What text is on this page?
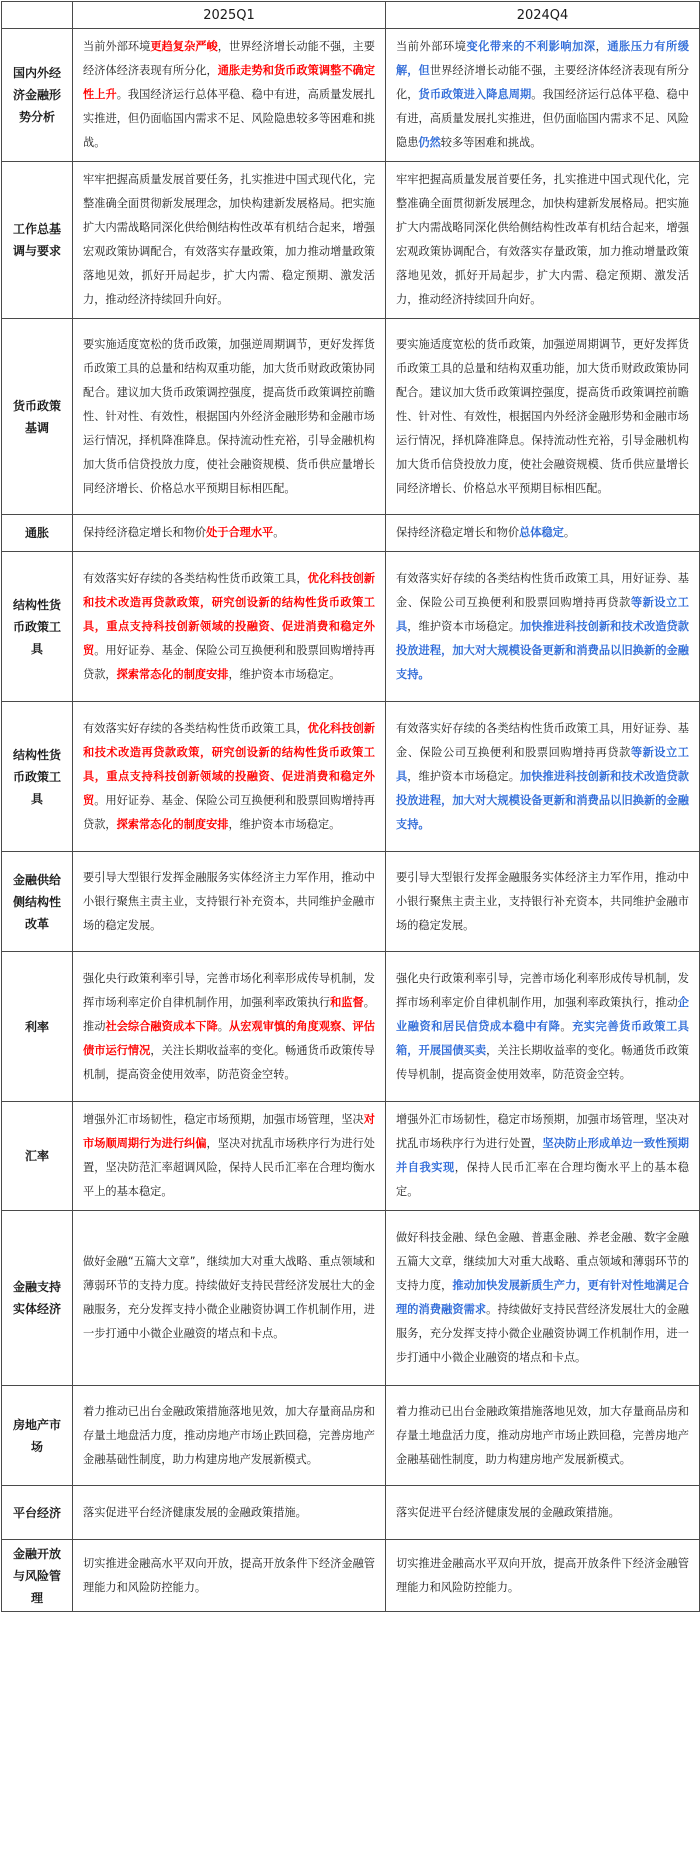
	2025Q1	2024Q4
国内外经济金融形势分析	当前外部环境更趋复杂严峻，世界经济增长动能不强，主要经济体经济表现有所分化，通胀走势和货币政策调整不确定性上升。我国经济运行总体平稳、稳中有进，高质量发展扎实推进，但仍面临国内需求不足、风险隐患较多等困难和挑战。	当前外部环境变化带来的不利影响加深，通胀压力有所缓解，但世界经济增长动能不强，主要经济体经济表现有所分化，货币政策进入降息周期。我国经济运行总体平稳、稳中有进，高质量发展扎实推进，但仍面临国内需求不足、风险隐患仍然较多等困难和挑战。
工作总基调与要求	牢牢把握高质量发展首要任务，扎实推进中国式现代化，完整准确全面贯彻新发展理念，加快构建新发展格局。把实施扩大内需战略同深化供给侧结构性改革有机结合起来，增强宏观政策协调配合，有效落实存量政策，加力推动增量政策落地见效，抓好开局起步，扩大内需、稳定预期、激发活力，推动经济持续回升向好。	牢牢把握高质量发展首要任务，扎实推进中国式现代化，完整准确全面贯彻新发展理念，加快构建新发展格局。把实施扩大内需战略同深化供给侧结构性改革有机结合起来，增强宏观政策协调配合，有效落实存量政策，加力推动增量政策落地见效，抓好开局起步，扩大内需、稳定预期、激发活力，推动经济持续回升向好。
货币政策基调	要实施适度宽松的货币政策，加强逆周期调节，更好发挥货币政策工具的总量和结构双重功能，加大货币财政政策协同配合。建议加大货币政策调控强度，提高货币政策调控前瞻性、针对性、有效性，根据国内外经济金融形势和金融市场运行情况，择机降准降息。保持流动性充裕，引导金融机构加大货币信贷投放力度，使社会融资规模、货币供应量增长同经济增长、价格总水平预期目标相匹配。	要实施适度宽松的货币政策，加强逆周期调节，更好发挥货币政策工具的总量和结构双重功能，加大货币财政政策协同配合。建议加大货币政策调控强度，提高货币政策调控前瞻性、针对性、有效性，根据国内外经济金融形势和金融市场运行情况，择机降准降息。保持流动性充裕，引导金融机构加大货币信贷投放力度，使社会融资规模、货币供应量增长同经济增长、价格总水平预期目标相匹配。
通胀	保持经济稳定增长和物价处于合理水平。	保持经济稳定增长和物价总体稳定。
结构性货币政策工具	有效落实好存续的各类结构性货币政策工具，优化科技创新和技术改造再贷款政策，研究创设新的结构性货币政策工具，重点支持科技创新领域的投融资、促进消费和稳定外贸。用好证券、基金、保险公司互换便利和股票回购增持再贷款，探索常态化的制度安排，维护资本市场稳定。	有效落实好存续的各类结构性货币政策工具，用好证券、基金、保险公司互换便利和股票回购增持再贷款等新设立工具，维护资本市场稳定。加快推进科技创新和技术改造贷款投放进程，加大对大规模设备更新和消费品以旧换新的金融支持。
结构性货币政策工具	有效落实好存续的各类结构性货币政策工具，优化科技创新和技术改造再贷款政策，研究创设新的结构性货币政策工具，重点支持科技创新领域的投融资、促进消费和稳定外贸。用好证券、基金、保险公司互换便利和股票回购增持再贷款，探索常态化的制度安排，维护资本市场稳定。	有效落实好存续的各类结构性货币政策工具，用好证券、基金、保险公司互换便利和股票回购增持再贷款等新设立工具，维护资本市场稳定。加快推进科技创新和技术改造贷款投放进程，加大对大规模设备更新和消费品以旧换新的金融支持。
金融供给侧结构性改革	要引导大型银行发挥金融服务实体经济主力军作用，推动中小银行聚焦主责主业，支持银行补充资本，共同维护金融市场的稳定发展。	要引导大型银行发挥金融服务实体经济主力军作用，推动中小银行聚焦主责主业，支持银行补充资本，共同维护金融市场的稳定发展。
利率	强化央行政策利率引导，完善市场化利率形成传导机制，发挥市场利率定价自律机制作用，加强利率政策执行和监督。推动社会综合融资成本下降。从宏观审慎的角度观察、评估债市运行情况，关注长期收益率的变化。畅通货币政策传导机制，提高资金使用效率，防范资金空转。	强化央行政策利率引导，完善市场化利率形成传导机制，发挥市场利率定价自律机制作用，加强利率政策执行，推动企业融资和居民信贷成本稳中有降。充实完善货币政策工具箱，开展国债买卖，关注长期收益率的变化。畅通货币政策传导机制，提高资金使用效率，防范资金空转。
汇率	增强外汇市场韧性，稳定市场预期，加强市场管理，坚决对市场顺周期行为进行纠偏，坚决对扰乱市场秩序行为进行处置，坚决防范汇率超调风险，保持人民币汇率在合理均衡水平上的基本稳定。	增强外汇市场韧性，稳定市场预期，加强市场管理，坚决对扰乱市场秩序行为进行处置，坚决防止形成单边一致性预期并自我实现，保持人民币汇率在合理均衡水平上的基本稳定。
金融支持实体经济	做好金融“五篇大文章”，继续加大对重大战略、重点领域和薄弱环节的支持力度。持续做好支持民营经济发展壮大的金融服务，充分发挥支持小微企业融资协调工作机制作用，进一步打通中小微企业融资的堵点和卡点。	做好科技金融、绿色金融、普惠金融、养老金融、数字金融五篇大文章，继续加大对重大战略、重点领域和薄弱环节的支持力度，推动加快发展新质生产力，更有针对性地满足合理的消费融资需求。持续做好支持民营经济发展壮大的金融服务，充分发挥支持小微企业融资协调工作机制作用，进一步打通中小微企业融资的堵点和卡点。
房地产市场	着力推动已出台金融政策措施落地见效，加大存量商品房和存量土地盘活力度，推动房地产市场止跌回稳，完善房地产金融基础性制度，助力构建房地产发展新模式。	着力推动已出台金融政策措施落地见效，加大存量商品房和存量土地盘活力度，推动房地产市场止跌回稳，完善房地产金融基础性制度，助力构建房地产发展新模式。
平台经济	落实促进平台经济健康发展的金融政策措施。	落实促进平台经济健康发展的金融政策措施。
金融开放与风险管理	切实推进金融高水平双向开放，提高开放条件下经济金融管理能力和风险防控能力。	切实推进金融高水平双向开放，提高开放条件下经济金融管理能力和风险防控能力。
